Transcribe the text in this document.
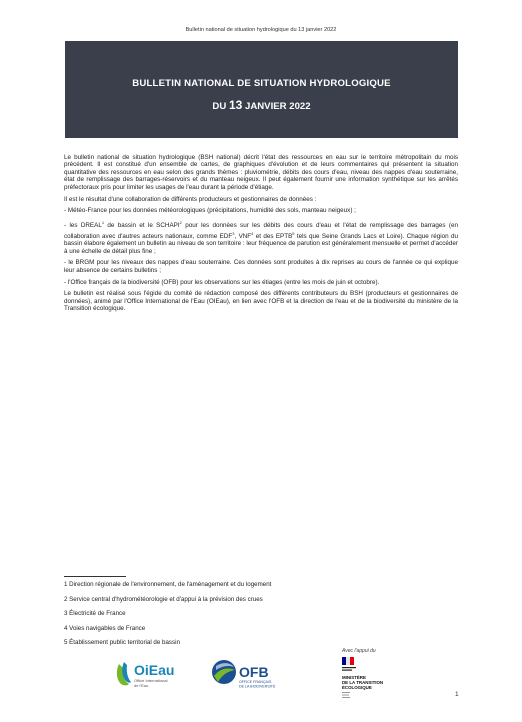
Bulletin national de situation hydrologique du 13 janvier 2022
BULLETIN NATIONAL DE SITUATION HYDROLOGIQUE
DU 13 JANVIER 2022

Le bulletin national de situation hydrologique (BSH national) décrit l'état des ressources en eau sur le territoire métropolitain du mois précédent. Il est constitué d'un ensemble de cartes, de graphiques d'évolution et de leurs commentaires qui présentent la situation quantitative des ressources en eau selon des grands thèmes : pluviométrie, débits des cours d'eau, niveau des nappes d'eau souterraine, état de remplissage des barrages-réservoirs et du manteau neigeux. Il peut également fournir une information synthétique sur les arrêtés préfectoraux pris pour limiter les usages de l'eau durant la période d'étiage.

Il est le résultat d'une collaboration de différents producteurs et gestionnaires de données :

- Météo-France pour les données météorologiques (précipitations, humidité des sols, manteau neigeux) ;

- les DREAL$^1$ de bassin et le SCHAPI$^2$ pour les données sur les débits des cours d'eau et l'état de remplissage des barrages (en collaboration avec d'autres acteurs nationaux, comme EDF$^3$, VNF$^4$ et des EPTB$^5$ tels que Seine Grands Lacs et Loire). Chaque région du bassin élabore également un bulletin au niveau de son territoire : leur fréquence de parution est généralement mensuelle et permet d'accéder à une échelle de détail plus fine ;

- le BRGM pour les niveaux des nappes d'eau souterraine. Ces données sont produites à dix reprises au cours de l'année ce qui explique leur absence de certains bulletins ;

- l'Office français de la biodiversité (OFB) pour les observations sur les étiages (entre les mois de juin et octobre).

Le bulletin est réalisé sous l'égide du comité de rédaction composé des différents contributeurs du BSH (producteurs et gestionnaires de données), animé par l'Office International de l'Eau (OIEau), en lien avec l'OFB et la direction de l'eau et de la biodiversité du ministère de la Transition écologique.

1 Direction régionale de l'environnement, de l'aménagement et du logement
2 Service central d'hydrométéorologie et d'appui à la prévision des crues
3 Électricité de France
4 Voies navigables de France
5 Établissement public territorial de bassin
Avec l'appui du
OiEau
Office International
de l'Eau
OFB
OFFICE FRANÇAIS
DE LA BIODIVERSITÉ
MINISTÈRE
DE LA TRANSITION
ÉCOLOGIQUE
1
